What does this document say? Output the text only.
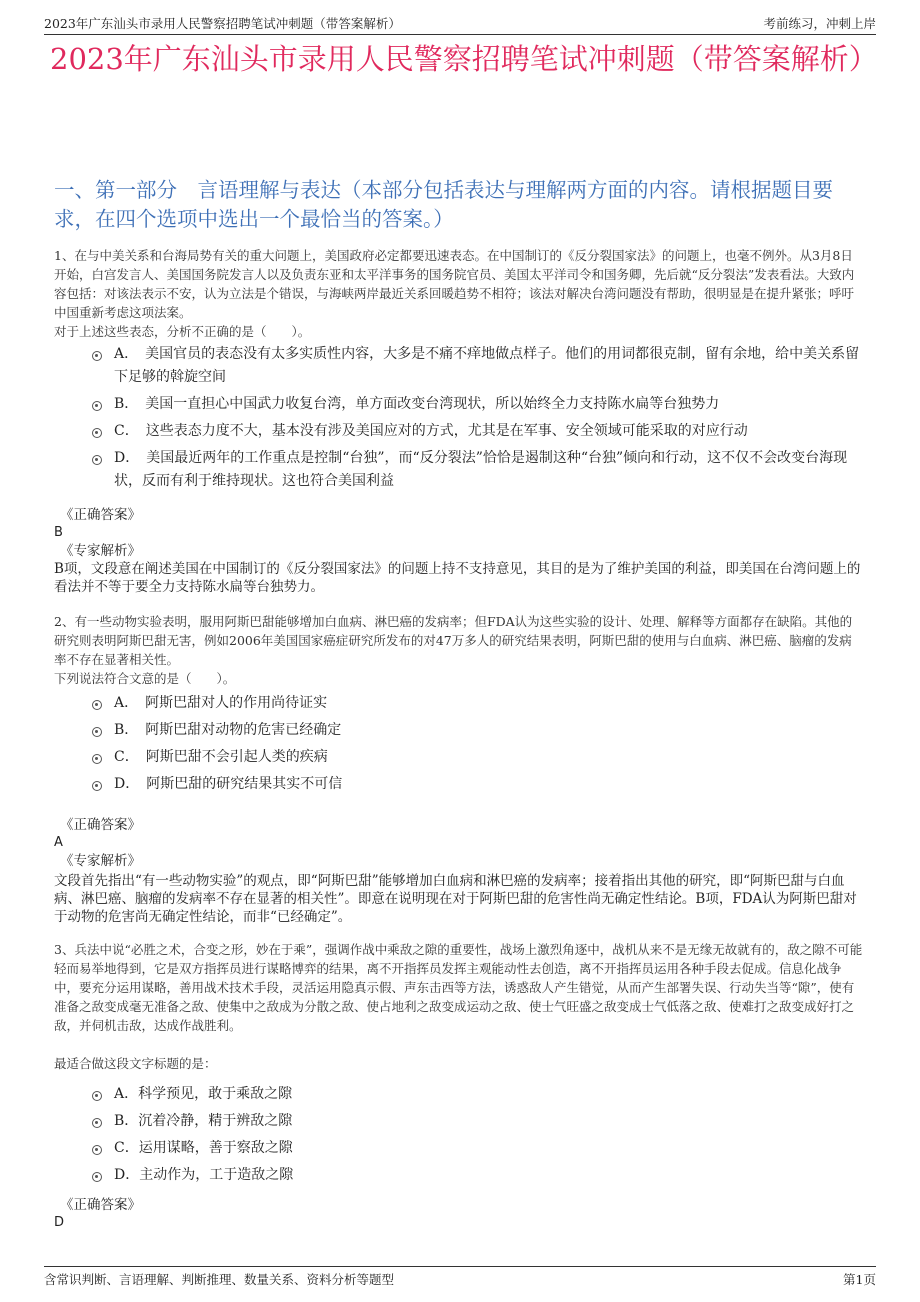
2023年广东汕头市录用人民警察招聘笔试冲刺题（带答案解析）	考前练习，冲刺上岸
2023年广东汕头市录用人民警察招聘笔试冲刺题（带答案解析）
一、第一部分　言语理解与表达（本部分包括表达与理解两方面的内容。请根据题目要求，在四个选项中选出一个最恰当的答案。）

1、在与中美关系和台海局势有关的重大问题上，美国政府必定都要迅速表态。在中国制订的《反分裂国家法》的问题上，也毫不例外。从3月8日开始，白宫发言人、美国国务院发言人以及负责东亚和太平洋事务的国务院官员、美国太平洋司令和国务卿，先后就“反分裂法”发表看法。大致内容包括：对该法表示不安，认为立法是个错误，与海峡两岸最近关系回暖趋势不相符；该法对解决台湾问题没有帮助，很明显是在提升紧张；呼吁中国重新考虑这项法案。

对于上述这些表态，分析不正确的是（　　）。

A．　美国官员的表态没有太多实质性内容，大多是不痛不痒地做点样子。他们的用词都很克制，留有余地，给中美关系留下足够的斡旋空间
B．　美国一直担心中国武力收复台湾，单方面改变台湾现状，所以始终全力支持陈水扁等台独势力
C．　这些表态力度不大，基本没有涉及美国应对的方式，尤其是在军事、安全领域可能采取的对应行动
D．　美国最近两年的工作重点是控制“台独”，而“反分裂法”恰恰是遏制这种“台独”倾向和行动，这不仅不会改变台海现状，反而有利于维持现状。这也符合美国利益
《正确答案》
B
《专家解析》
B项，文段意在阐述美国在中国制订的《反分裂国家法》的问题上持不支持意见，其目的是为了维护美国的利益，即美国在台湾问题上的看法并不等于要全力支持陈水扁等台独势力。

2、有一些动物实验表明，服用阿斯巴甜能够增加白血病、淋巴癌的发病率；但FDA认为这些实验的设计、处理、解释等方面都存在缺陷。其他的研究则表明阿斯巴甜无害，例如2006年美国国家癌症研究所发布的对47万多人的研究结果表明，阿斯巴甜的使用与白血病、淋巴癌、脑瘤的发病率不存在显著相关性。

下列说法符合文意的是（　　）。

A．　阿斯巴甜对人的作用尚待证实
B．　阿斯巴甜对动物的危害已经确定
C．　阿斯巴甜不会引起人类的疾病
D．　阿斯巴甜的研究结果其实不可信
《正确答案》
A
《专家解析》
文段首先指出“有一些动物实验”的观点，即“阿斯巴甜”能够增加白血病和淋巴癌的发病率；接着指出其他的研究，即“阿斯巴甜与白血病、淋巴癌、脑瘤的发病率不存在显著的相关性”。即意在说明现在对于阿斯巴甜的危害性尚无确定性结论。B项，FDA认为阿斯巴甜对于动物的危害尚无确定性结论，而非“已经确定”。

3、兵法中说“必胜之术，合变之形，妙在于乘”，强调作战中乘敌之隙的重要性，战场上激烈角逐中，战机从来不是无缘无故就有的，敌之隙不可能轻而易举地得到，它是双方指挥员进行谋略博弈的结果，离不开指挥员发挥主观能动性去创造，离不开指挥员运用各种手段去促成。信息化战争中，要充分运用谋略，善用战术技术手段，灵活运用隐真示假、声东击西等方法，诱惑敌人产生错觉，从而产生部署失误、行动失当等“隙”，使有准备之敌变成毫无准备之敌、使集中之敌成为分散之敌、使占地利之敌变成运动之敌、使士气旺盛之敌变成士气低落之敌、使难打之敌变成好打之敌，并伺机击敌，达成作战胜利。

最适合做这段文字标题的是：

A．科学预见，敢于乘敌之隙
B．沉着冷静，精于辨敌之隙
C．运用谋略，善于察敌之隙
D．主动作为，工于造敌之隙
《正确答案》
D
含常识判断、言语理解、判断推理、数量关系、资料分析等题型	第1页
